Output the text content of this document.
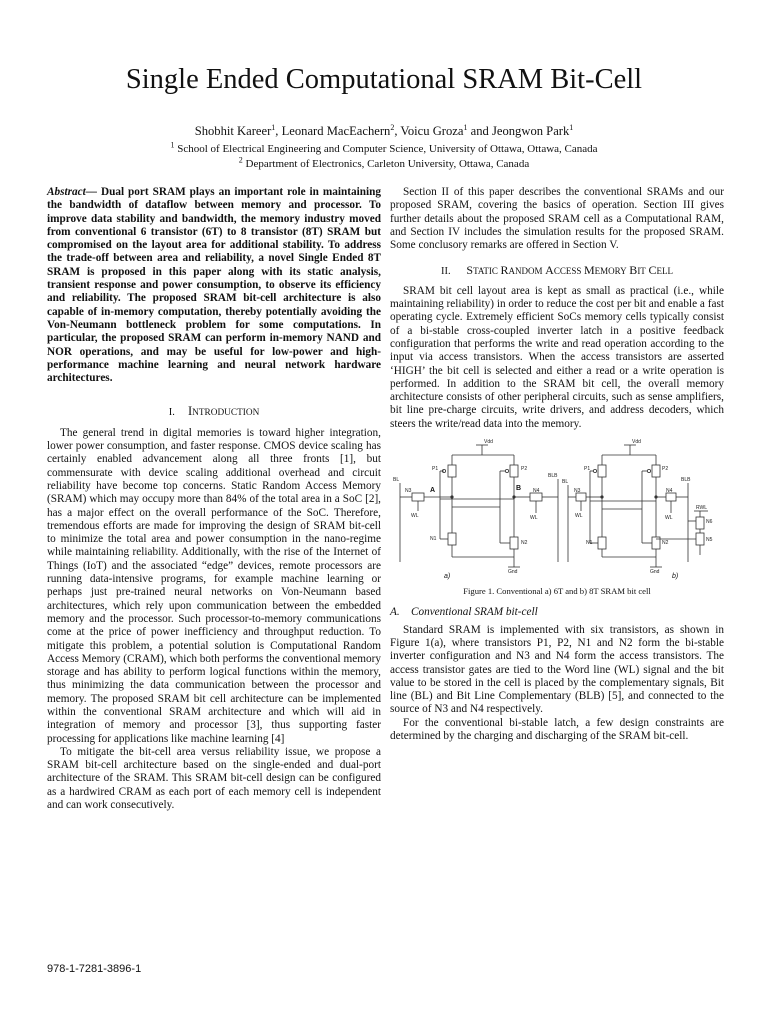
Single Ended Computational SRAM Bit-Cell
Shobhit Kareer$^1$, Leonard MacEachern$^2$, Voicu Groza$^1$ and Jeongwon Park$^1$
$^1$ School of Electrical Engineering and Computer Science, University of Ottawa, Ottawa, Canada
$^2$ Department of Electronics, Carleton University, Ottawa, Canada

Abstract— Dual port SRAM plays an important role in maintaining the bandwidth of dataflow between memory and processor. To improve data stability and bandwidth, the memory industry moved from conventional 6 transistor (6T) to 8 transistor (8T) SRAM but compromised on the layout area for additional stability. To address the trade-off between area and reliability, a novel Single Ended 8T SRAM is proposed in this paper along with its static analysis, transient response and power consumption, to observe its efficiency and reliability. The proposed SRAM bit-cell architecture is also capable of in-memory computation, thereby potentially avoiding the Von-Neumann bottleneck problem for some computations. In particular, the proposed SRAM can perform in-memory NAND and NOR operations, and may be useful for low-power and high-performance machine learning and neural network hardware architectures.

I. INTRODUCTION

The general trend in digital memories is toward higher integration, lower power consumption, and faster response. CMOS device scaling has certainly enabled advancement along all three fronts [1], but commensurate with device scaling additional overhead and circuit reliability have become top concerns. Static Random Access Memory (SRAM) which may occupy more than 84% of the total area in a SoC [2], has a major effect on the overall performance of the SoC. Therefore, tremendous efforts are made for improving the design of SRAM bit-cell to minimize the total area and power consumption in the nano-regime while maintaining reliability. Additionally, with the rise of the Internet of Things (IoT) and the associated “edge” devices, remote processors are running data-intensive programs, for example machine learning or perhaps just pre-trained neural networks on Von-Neumann based architectures, which rely upon communication between the embedded memory and the processor. Such processor-to-memory communications come at the price of power inefficiency and throughput reduction. To mitigate this problem, a potential solution is Computational Random Access Memory (CRAM), which both performs the conventional memory storage and has ability to perform logical functions within the memory, thus minimizing the data communication between the processor and memory. The proposed SRAM bit cell architecture can be implemented within the conventional SRAM architecture and which will aid in integration of memory and processor [3], thus supporting faster processing for applications like machine learning [4]

To mitigate the bit-cell area versus reliability issue, we propose a SRAM bit-cell architecture based on the single-ended and dual-port architecture of the SRAM. This SRAM bit-cell design can be configured as a hardwired CRAM as each port of each memory cell is independent and can work consecutively.

Section II of this paper describes the conventional SRAMs and our proposed SRAM, covering the basics of operation. Section III gives further details about the proposed SRAM cell as a Computational RAM, and Section IV includes the simulation results for the proposed SRAM. Some conclusory remarks are offered in Section V.

II. STATIC RANDOM ACCESS MEMORY BIT CELL

SRAM bit cell layout area is kept as small as practical (i.e., while maintaining reliability) in order to reduce the cost per bit and enable a fast operating cycle. Extremely efficient SoCs memory cells typically consist of a bi-stable cross-coupled inverter latch in a positive feedback configuration that performs the write and read operation according to the input via access transistors. When the access transistors are asserted ‘HIGH’ the bit cell is selected and either a read or a write operation is performed. In addition to the SRAM bit cell, the overall memory architecture consists of other peripheral circuits, such as sense amplifiers, bit line pre-charge circuits, write drivers, and address decoders, which steers the write/read data into the memory.

Vdd
P1	P2
N1
N2
Gnd
A	B
BL
N3
WL
BLB
N4
WL
a)
Vdd
P1	P2
N1	N2
Gnd
BL
N3
WL
BLB
N4
WL
N6
N5
RWL
b)
Figure 1. Conventional a) 6T and b) 8T SRAM bit cell
A. Conventional SRAM bit-cell

Standard SRAM is implemented with six transistors, as shown in Figure 1(a), where transistors P1, P2, N1 and N2 form the bi-stable inverter configuration and N3 and N4 form the access transistors. The access transistor gates are tied to the Word line (WL) signal and the bit value to be stored in the cell is placed by the complementary signals, Bit line (BL) and Bit Line Complementary (BLB) [5], and connected to the source of N3 and N4 respectively.

For the conventional bi-stable latch, a few design constraints are determined by the charging and discharging of the SRAM bit-cell.

978-1-7281-3896-1
